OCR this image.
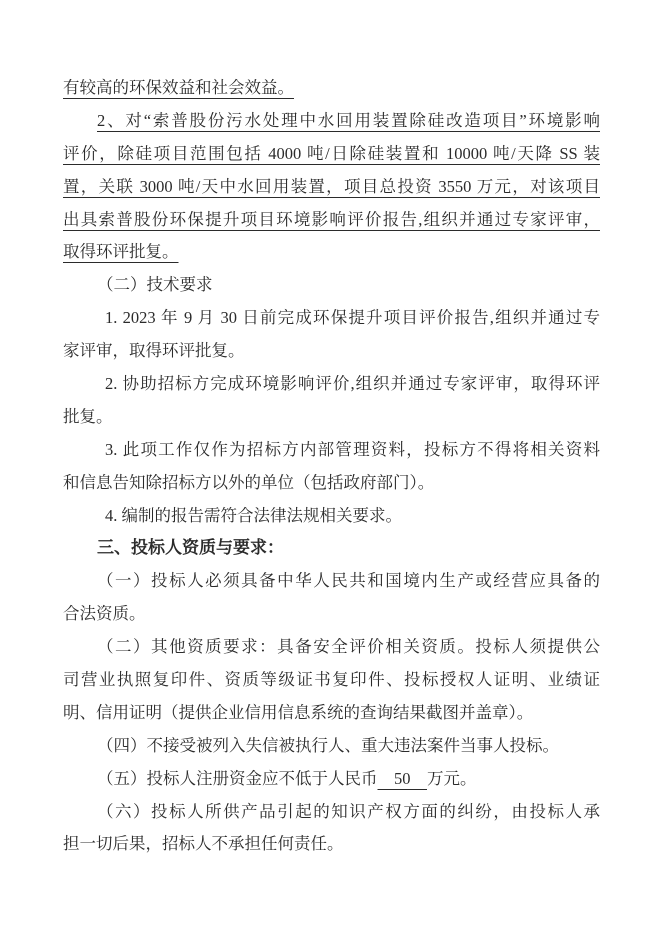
有较高的环保效益和社会效益。
2、对“索普股份污水处理中水回用装置除硅改造项目”环境影响
评价，除硅项目范围包括 4000 吨/日除硅装置和 10000 吨/天降 SS 装
置，关联 3000 吨/天中水回用装置，项目总投资 3550 万元，对该项目
出具索普股份环保提升项目环境影响评价报告,组织并通过专家评审，
取得环评批复。
（二）技术要求
1. 2023 年 9 月 30 日前完成环保提升项目评价报告,组织并通过专
家评审，取得环评批复。
2. 协助招标方完成环境影响评价,组织并通过专家评审，取得环评
批复。
3. 此项工作仅作为招标方内部管理资料，投标方不得将相关资料
和信息告知除招标方以外的单位（包括政府部门）。
4. 编制的报告需符合法律法规相关要求。
三、投标人资质与要求：
（一）投标人必须具备中华人民共和国境内生产或经营应具备的
合法资质。
（二）其他资质要求：具备安全评价相关资质。投标人须提供公
司营业执照复印件、资质等级证书复印件、投标授权人证明、业绩证
明、信用证明（提供企业信用信息系统的查询结果截图并盖章）。
（四）不接受被列入失信被执行人、重大违法案件当事人投标。
（五）投标人注册资金应不低于人民币　50　万元。
（六）投标人所供产品引起的知识产权方面的纠纷，由投标人承
担一切后果，招标人不承担任何责任。
